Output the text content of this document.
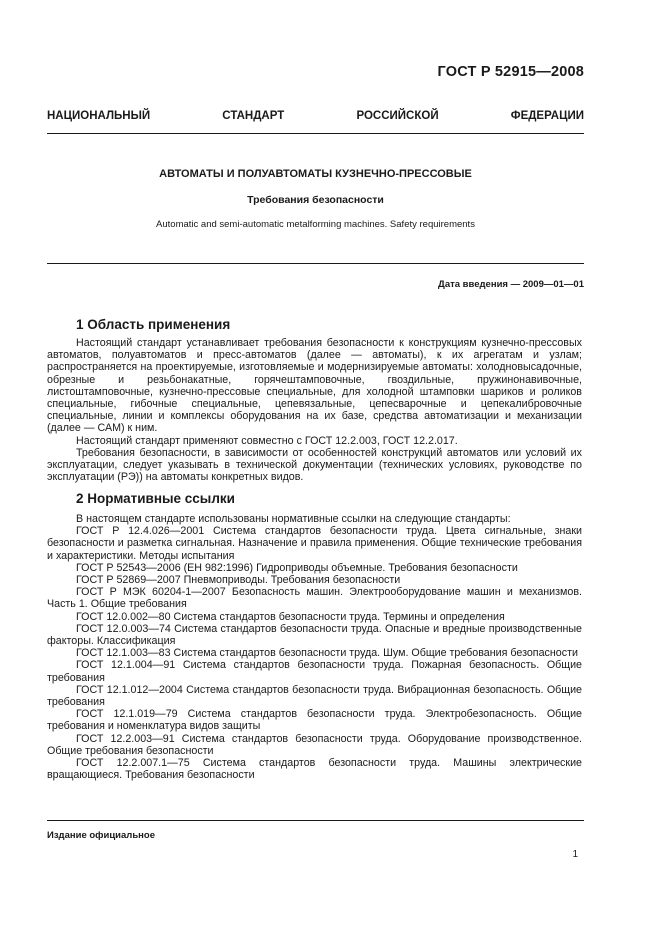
ГОСТ Р 52915—2008
НАЦИОНАЛЬНЫЙ СТАНДАРТ РОССИЙСКОЙ ФЕДЕРАЦИИ
АВТОМАТЫ И ПОЛУАВТОМАТЫ КУЗНЕЧНО-ПРЕССОВЫЕ
Требования безопасности
Automatic and semi-automatic metalforming machines. Safety requirements
Дата введения — 2009—01—01
1 Область применения

Настоящий стандарт устанавливает требования безопасности к конструкциям кузнечно-прессовых автоматов, полуавтоматов и пресс-автоматов (далее — автоматы), к их агрегатам и узлам; распространяется на проектируемые, изготовляемые и модернизируемые автоматы: холодновысадочные, обрезные и резьбонакатные, горячештамповочные, гвоздильные, пружинонавивочные, листоштамповочные, кузнечно-прессовые специальные, для холодной штамповки шариков и роликов специальные, гибочные специальные, цепевязальные, цепесварочные и цепекалибровочные специальные, линии и комплексы оборудования на их базе, средства автоматизации и механизации (далее — САМ) к ним.

Настоящий стандарт применяют совместно с ГОСТ 12.2.003, ГОСТ 12.2.017.

Требования безопасности, в зависимости от особенностей конструкций автоматов или условий их эксплуатации, следует указывать в технической документации (технических условиях, руководстве по эксплуатации (РЭ)) на автоматы конкретных видов.

2 Нормативные ссылки

В настоящем стандарте использованы нормативные ссылки на следующие стандарты:

ГОСТ Р 12.4.026—2001 Система стандартов безопасности труда. Цвета сигнальные, знаки безопасности и разметка сигнальная. Назначение и правила применения. Общие технические требования и характеристики. Методы испытания

ГОСТ Р 52543—2006 (ЕН 982:1996) Гидроприводы объемные. Требования безопасности

ГОСТ Р 52869—2007 Пневмоприводы. Требования безопасности

ГОСТ Р МЭК 60204-1—2007 Безопасность машин. Электрооборудование машин и механизмов. Часть 1. Общие требования

ГОСТ 12.0.002—80 Система стандартов безопасности труда. Термины и определения

ГОСТ 12.0.003—74 Система стандартов безопасности труда. Опасные и вредные производственные факторы. Классификация

ГОСТ 12.1.003—83 Система стандартов безопасности труда. Шум. Общие требования безопасности

ГОСТ 12.1.004—91 Система стандартов безопасности труда. Пожарная безопасность. Общие требования

ГОСТ 12.1.012—2004 Система стандартов безопасности труда. Вибрационная безопасность. Общие требования

ГОСТ 12.1.019—79 Система стандартов безопасности труда. Электробезопасность. Общие требования и номенклатура видов защиты

ГОСТ 12.2.003—91 Система стандартов безопасности труда. Оборудование производственное. Общие требования безопасности

ГОСТ 12.2.007.1—75 Система стандартов безопасности труда. Машины электрические вращающиеся. Требования безопасности

Издание официальное
1
